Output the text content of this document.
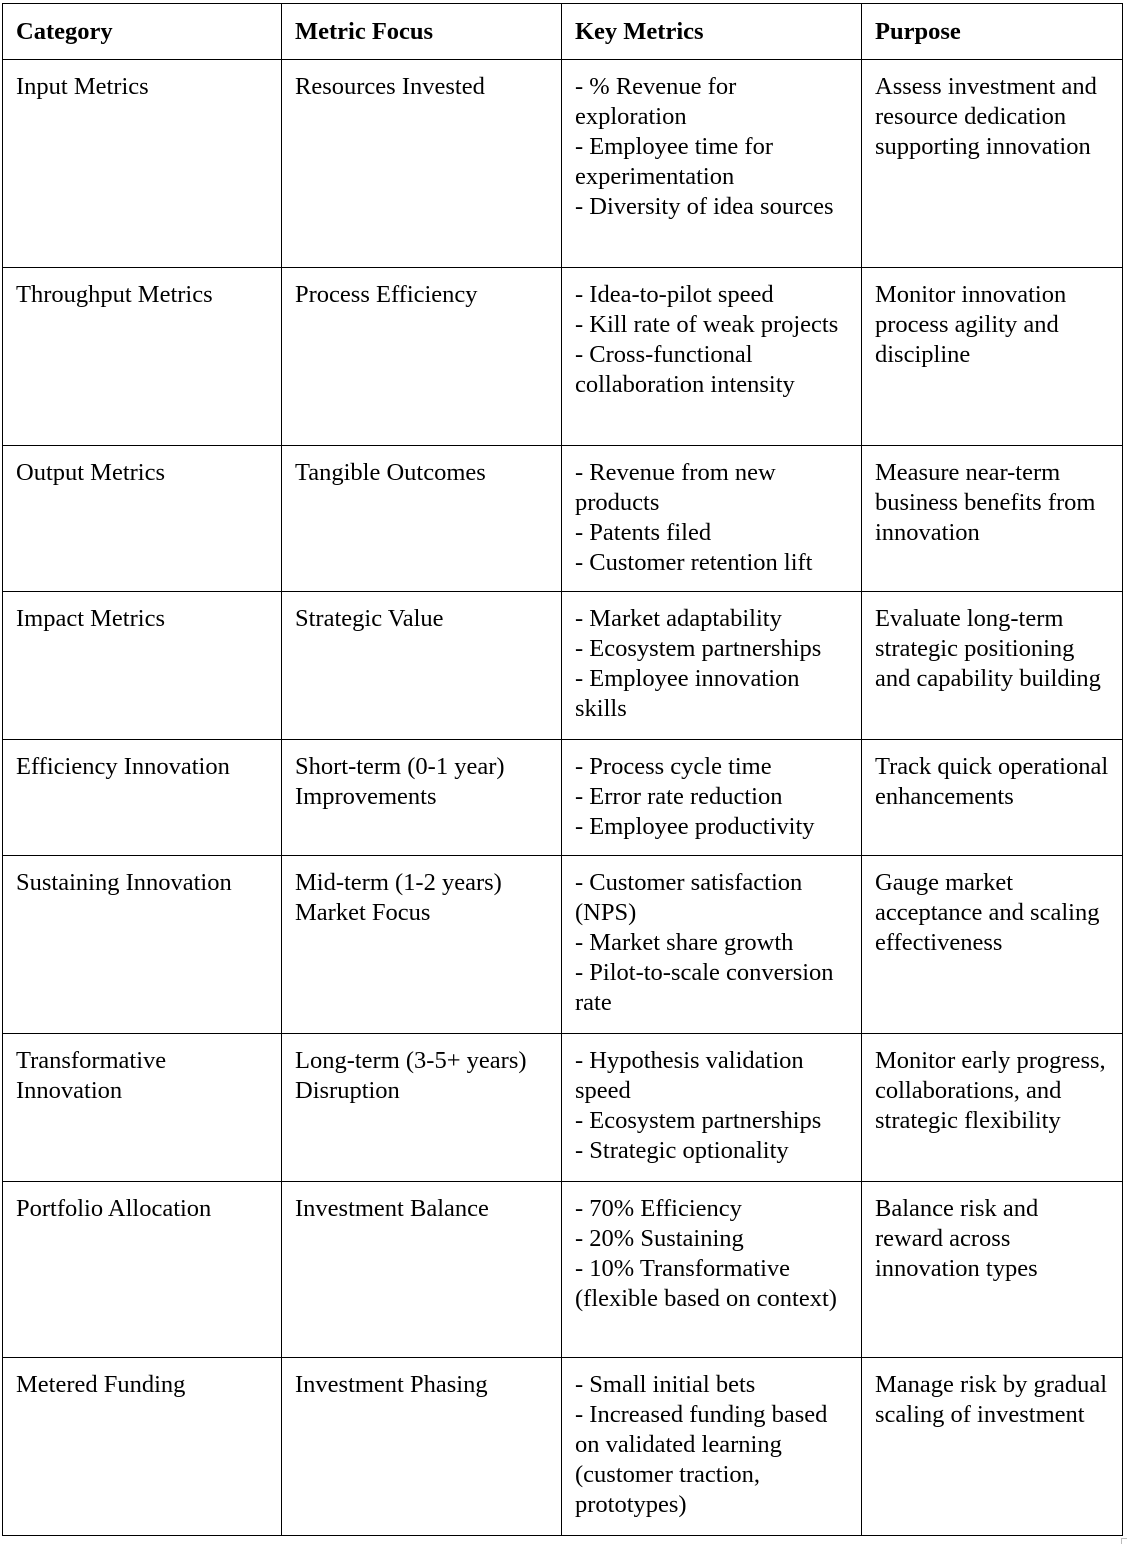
Category	Metric Focus	Key Metrics	Purpose
Input Metrics	Resources Invested	- % Revenue for exploration
- Employee time for experimentation
- Diversity of idea sources	Assess investment and resource dedication supporting innovation
Throughput Metrics	Process Efficiency	- Idea-to-pilot speed
- Kill rate of weak projects
- Cross-functional collaboration intensity	Monitor innovation process agility and discipline
Output Metrics	Tangible Outcomes	- Revenue from new products
- Patents filed
- Customer retention lift	Measure near-term business benefits from innovation
Impact Metrics	Strategic Value	- Market adaptability
- Ecosystem partnerships
- Employee innovation skills	Evaluate long-term strategic positioning and capability building
Efficiency Innovation	Short-term (0-1 year) Improvements	- Process cycle time
- Error rate reduction
- Employee productivity	Track quick operational enhancements
Sustaining Innovation	Mid-term (1-2 years) Market Focus	- Customer satisfaction (NPS)
- Market share growth
- Pilot-to-scale conversion rate	Gauge market acceptance and scaling effectiveness
Transformative Innovation	Long-term (3-5+ years) Disruption	- Hypothesis validation speed
- Ecosystem partnerships
- Strategic optionality	Monitor early progress, collaborations, and strategic flexibility
Portfolio Allocation	Investment Balance	- 70% Efficiency
- 20% Sustaining
- 10% Transformative (flexible based on context)	Balance risk and reward across innovation types
Metered Funding	Investment Phasing	- Small initial bets
- Increased funding based on validated learning (customer traction, prototypes)	Manage risk by gradual scaling of investment
